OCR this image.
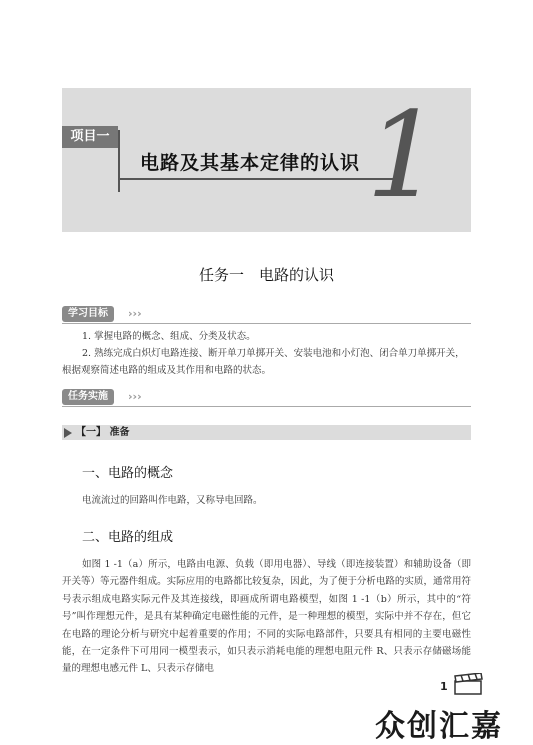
项目一
电路及其基本定律的认识 1
任务一　电路的认识
学习目标	›››
1. 掌握电路的概念、组成、分类及状态。
2. 熟练完成白炽灯电路连接、断开单刀单掷开关、安装电池和小灯泡、闭合单刀单掷开关，根据观察简述电路的组成及其作用和电路的状态。
任务实施	›››
【一】 准备
一、电路的概念
电流流过的回路叫作电路，又称导电回路。
二、电路的组成
如图 1 -1（a）所示，电路由电源、负载（即用电器）、导线（即连接装置）和辅助设备（即开关等）等元器件组成。实际应用的电路都比较复杂，因此，为了便于分析电路的实质，通常用符号表示组成电路实际元件及其连接线，即画成所谓电路模型，如图 1 -1（b）所示，其中的“符号”叫作理想元件，是具有某种确定电磁性能的元件，是一种理想的模型，实际中并不存在，但它在电路的理论分析与研究中起着重要的作用；不同的实际电路部件，只要具有相同的主要电磁性能，在一定条件下可用同一模型表示，如只表示消耗电能的理想电阻元件 R、只表示存储磁场能量的理想电感元件 L、只表示存储电
1
众创汇嘉
